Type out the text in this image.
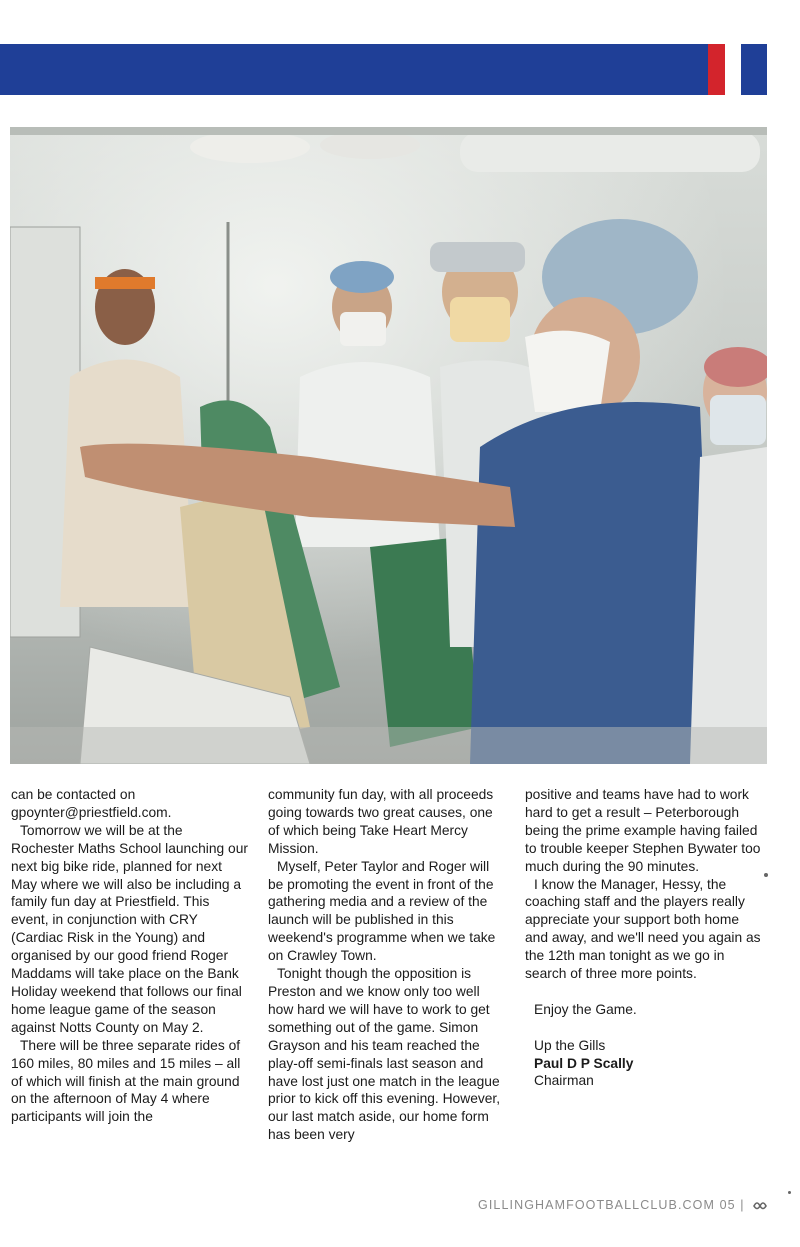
can be contacted on

gpoynter@priestfield.com.

Tomorrow we will be at the Rochester Maths School launching our next big bike ride, planned for next May where we will also be including a family fun day at Priestfield. This event, in conjunction with CRY (Cardiac Risk in the Young) and organised by our good friend Roger Maddams will take place on the Bank Holiday weekend that follows our final home league game of the season against Notts County on May 2.

There will be three separate rides of 160 miles, 80 miles and 15 miles – all of which will finish at the main ground on the afternoon of May 4 where participants will join the

community fun day, with all proceeds going towards two great causes, one of which being Take Heart Mercy Mission.

Myself, Peter Taylor and Roger will be promoting the event in front of the gathering media and a review of the launch will be published in this weekend's programme when we take on Crawley Town.

Tonight though the opposition is Preston and we know only too well how hard we will have to work to get something out of the game. Simon Grayson and his team reached the play-off semi-finals last season and have lost just one match in the league prior to kick off this evening. However, our last match aside, our home form has been very

positive and teams have had to work hard to get a result – Peterborough being the prime example having failed to trouble keeper Stephen Bywater too much during the 90 minutes.

I know the Manager, Hessy, the coaching staff and the players really appreciate your support both home and away, and we'll need you again as the 12th man tonight as we go in search of three more points.

Enjoy the Game.

Up the Gills

Paul D P Scally

Chairman

GILLINGHAMFOOTBALLCLUB.COM 05 |
